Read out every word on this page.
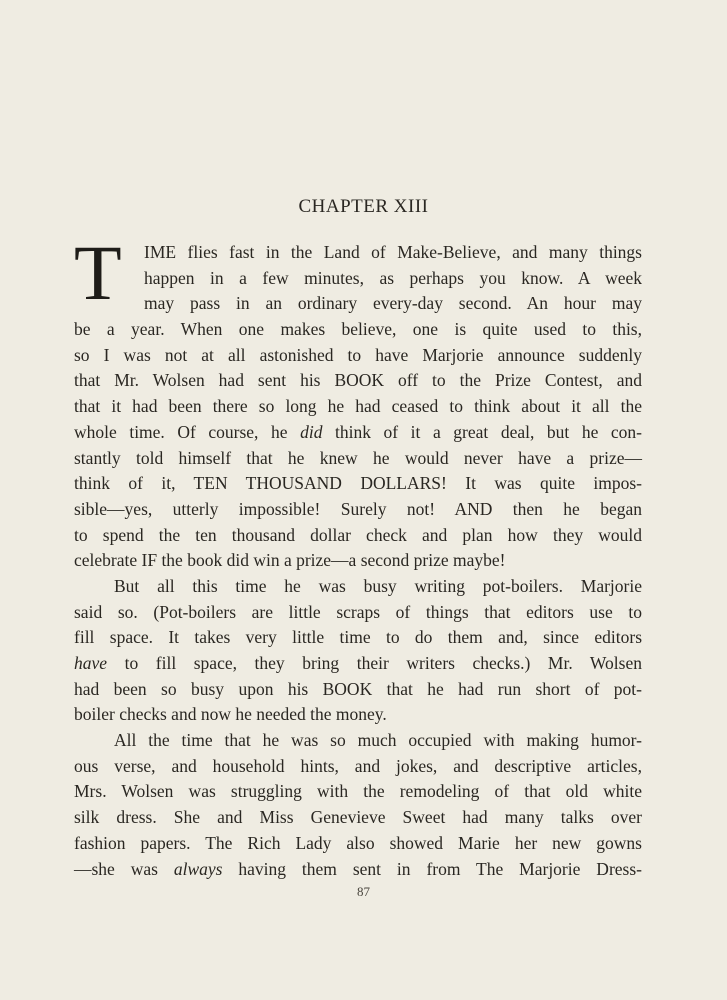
CHAPTER XIII
T	IME flies fast in the Land of Make-Believe, and many things
happen in a few minutes, as perhaps you know. A week
may pass in an ordinary every-day second. An hour may
be a year. When one makes believe, one is quite used to this,
so I was not at all astonished to have Marjorie announce suddenly
that Mr. Wolsen had sent his BOOK off to the Prize Contest, and
that it had been there so long he had ceased to think about it all the
whole time. Of course, he did think of it a great deal, but he con-
stantly told himself that he knew he would never have a prize—
think of it, TEN THOUSAND DOLLARS! It was quite impos-
sible—yes, utterly impossible! Surely not! AND then he began
to spend the ten thousand dollar check and plan how they would
celebrate IF the book did win a prize—a second prize maybe!
But all this time he was busy writing pot-boilers. Marjorie
said so. (Pot-boilers are little scraps of things that editors use to
fill space. It takes very little time to do them and, since editors
have to fill space, they bring their writers checks.) Mr. Wolsen
had been so busy upon his BOOK that he had run short of pot-
boiler checks and now he needed the money.
All the time that he was so much occupied with making humor-
ous verse, and household hints, and jokes, and descriptive articles,
Mrs. Wolsen was struggling with the remodeling of that old white
silk dress. She and Miss Genevieve Sweet had many talks over
fashion papers. The Rich Lady also showed Marie her new gowns
—she was always having them sent in from The Marjorie Dress-
87
